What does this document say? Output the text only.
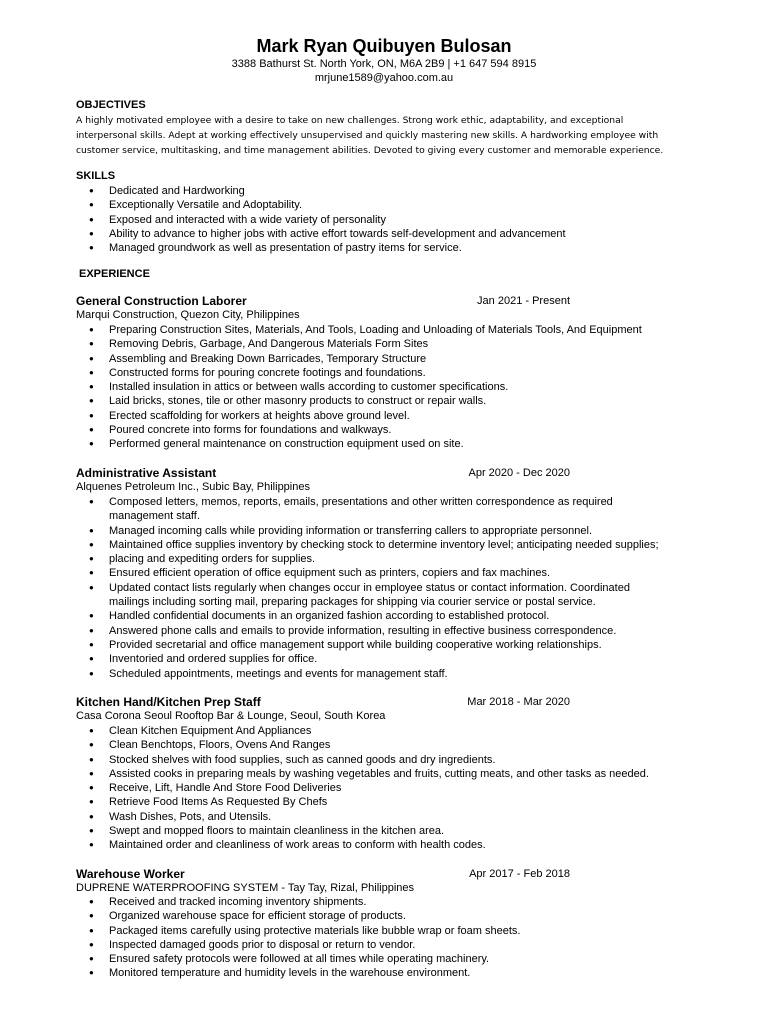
Mark Ryan Quibuyen Bulosan
3388 Bathurst St. North York, ON, M6A 2B9 | +1 647 594 8915
mrjune1589@yahoo.com.au
OBJECTIVES
A highly motivated employee with a desire to take on new challenges. Strong work ethic, adaptability, and exceptional
interpersonal skills. Adept at working effectively unsupervised and quickly mastering new skills. A hardworking employee with
customer service, multitasking, and time management abilities. Devoted to giving every customer and memorable experience.
SKILLS
● Dedicated and Hardworking
● Exceptionally Versatile and Adoptability.
● Exposed and interacted with a wide variety of personality
● Ability to advance to higher jobs with active effort towards self-development and advancement
● Managed groundwork as well as presentation of pastry items for service.
EXPERIENCE
General Construction Laborer	Jan 2021 - Present
Marqui Construction, Quezon City, Philippines
● Preparing Construction Sites, Materials, And Tools, Loading and Unloading of Materials Tools, And Equipment
● Removing Debris, Garbage, And Dangerous Materials Form Sites
● Assembling and Breaking Down Barricades, Temporary Structure
● Constructed forms for pouring concrete footings and foundations.
● Installed insulation in attics or between walls according to customer specifications.
● Laid bricks, stones, tile or other masonry products to construct or repair walls.
● Erected scaffolding for workers at heights above ground level.
● Poured concrete into forms for foundations and walkways.
● Performed general maintenance on construction equipment used on site.
Administrative Assistant	Apr 2020 - Dec 2020
Alquenes Petroleum Inc., Subic Bay, Philippines
● Composed letters, memos, reports, emails, presentations and other written correspondence as required
management staff.
● Managed incoming calls while providing information or transferring callers to appropriate personnel.
● Maintained office supplies inventory by checking stock to determine inventory level; anticipating needed supplies;
● placing and expediting orders for supplies.
● Ensured efficient operation of office equipment such as printers, copiers and fax machines.
● Updated contact lists regularly when changes occur in employee status or contact information. Coordinated
mailings including sorting mail, preparing packages for shipping via courier service or postal service.
● Handled confidential documents in an organized fashion according to established protocol.
● Answered phone calls and emails to provide information, resulting in effective business correspondence.
● Provided secretarial and office management support while building cooperative working relationships.
● Inventoried and ordered supplies for office.
● Scheduled appointments, meetings and events for management staff.
Kitchen Hand/Kitchen Prep Staff	Mar 2018 - Mar 2020
Casa Corona Seoul Rooftop Bar & Lounge, Seoul, South Korea
● Clean Kitchen Equipment And Appliances
● Clean Benchtops, Floors, Ovens And Ranges
● Stocked shelves with food supplies, such as canned goods and dry ingredients.
● Assisted cooks in preparing meals by washing vegetables and fruits, cutting meats, and other tasks as needed.
● Receive, Lift, Handle And Store Food Deliveries
● Retrieve Food Items As Requested By Chefs
● Wash Dishes, Pots, and Utensils.
● Swept and mopped floors to maintain cleanliness in the kitchen area.
● Maintained order and cleanliness of work areas to conform with health codes.
Warehouse Worker	Apr 2017 - Feb 2018
DUPRENE WATERPROOFING SYSTEM - Tay Tay, Rizal, Philippines
● Received and tracked incoming inventory shipments.
● Organized warehouse space for efficient storage of products.
● Packaged items carefully using protective materials like bubble wrap or foam sheets.
● Inspected damaged goods prior to disposal or return to vendor.
● Ensured safety protocols were followed at all times while operating machinery.
● Monitored temperature and humidity levels in the warehouse environment.
